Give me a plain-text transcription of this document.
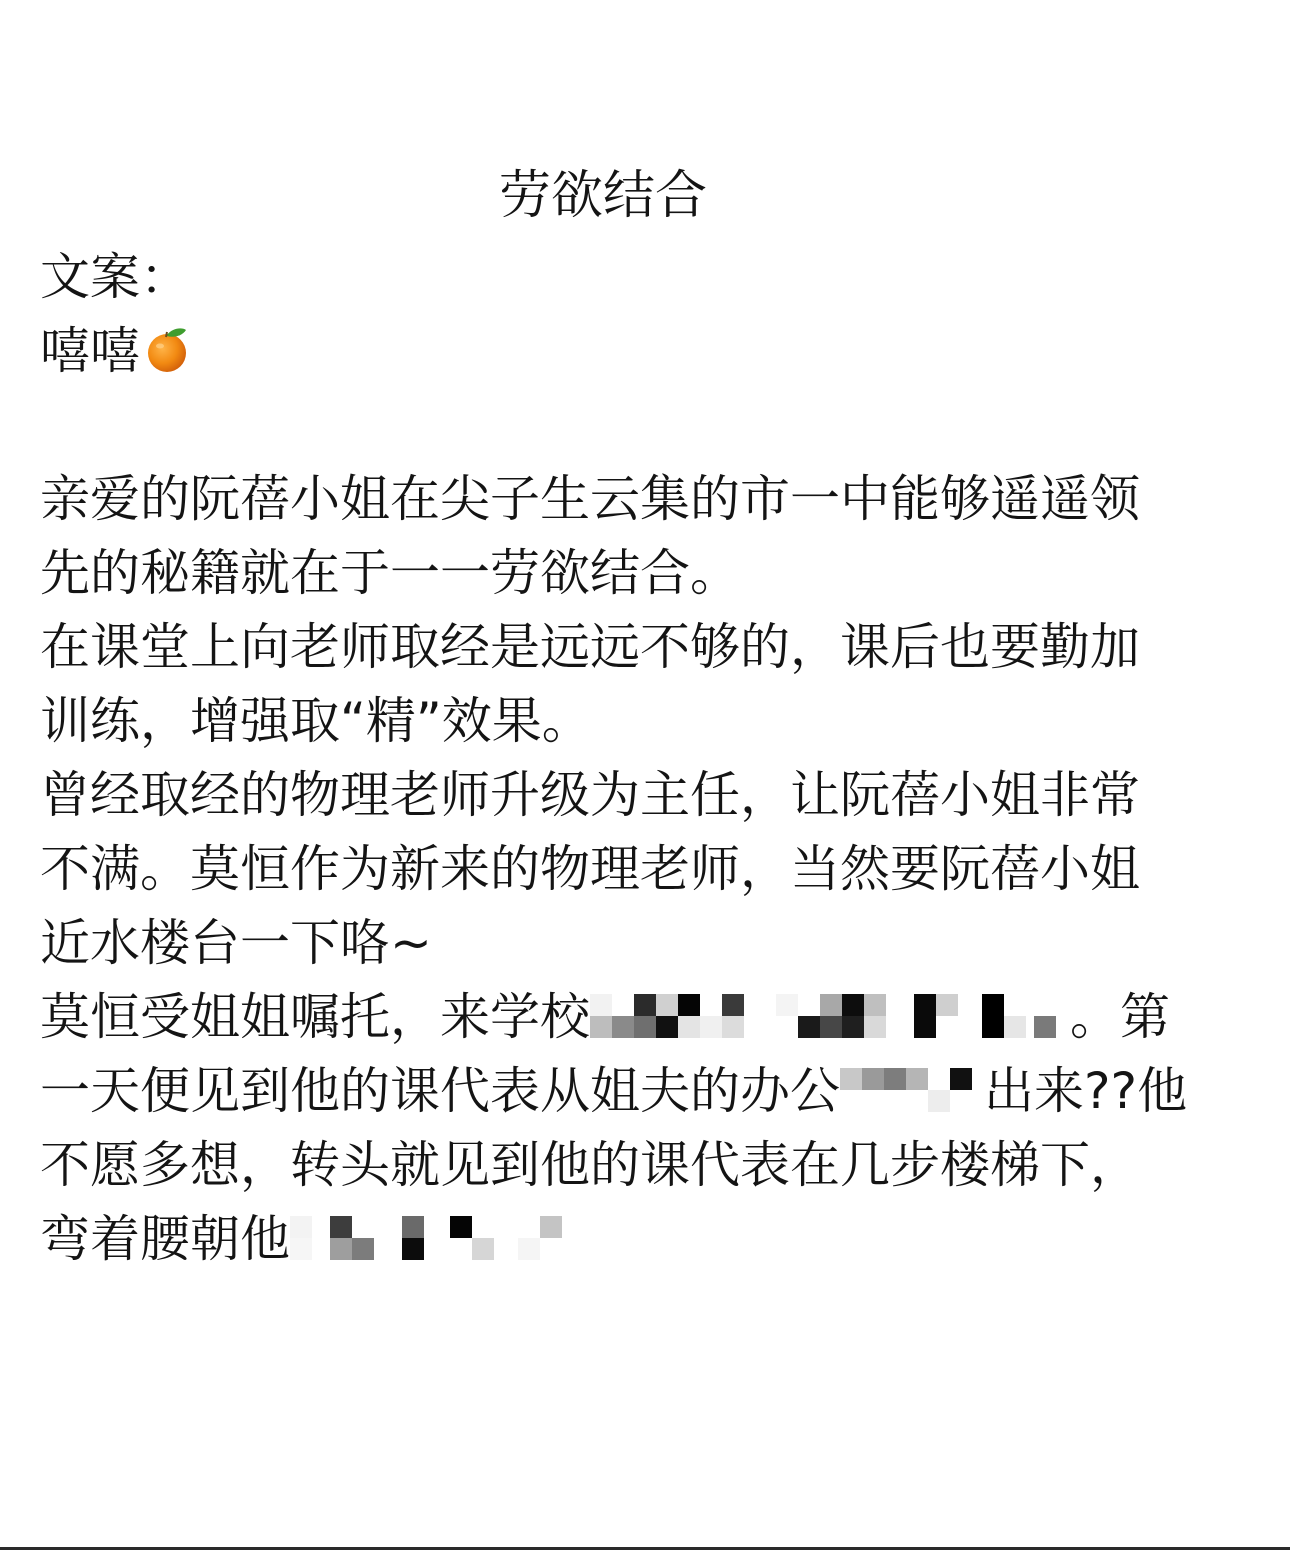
劳欲结合
文案：
嘻嘻
亲爱的阮蓓小姐在尖子生云集的市一中能够遥遥领
先的秘籍就在于一一劳欲结合。
在课堂上向老师取经是远远不够的，课后也要勤加
训练，增强取“精”效果。
曾经取经的物理老师升级为主任，让阮蓓小姐非常
不满。莫恒作为新来的物理老师，当然要阮蓓小姐
近水楼台一下咯~
莫恒受姐姐嘱托，来学校	。第
一天便见到他的课代表从姐夫的办公	出来??他
不愿多想，转头就见到他的课代表在几步楼梯下，
弯着腰朝他
